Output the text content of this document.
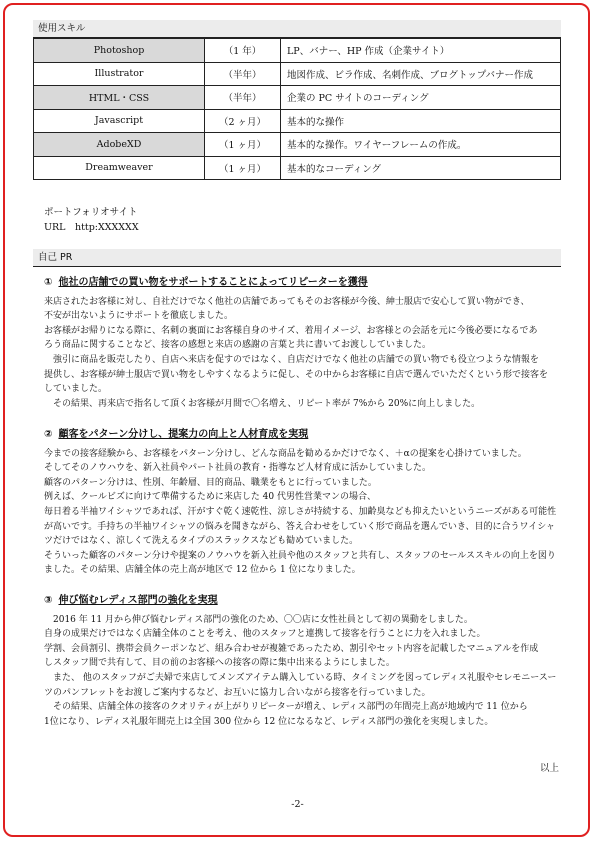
使用スキル
Photoshop	（1 年）	LP、バナー、HP 作成（企業サイト）
Illustrator	（半年）	地図作成、ビラ作成、名刺作成、ブログトップバナー作成
HTML・CSS	（半年）	企業の PC サイトのコーディング
Javascript	（2 ヶ月）	基本的な操作
AdobeXD	（1 ヶ月）	基本的な操作。ワイヤーフレームの作成。
Dreamweaver	（1 ヶ月）	基本的なコーディング
ポートフォリオサイト
URL　http:XXXXXX
自己 PR
① 他社の店舗での買い物をサポートすることによってリピーターを獲得

来店されたお客様に対し、自社だけでなく他社の店舗であってもそのお客様が今後、紳士服店で安心して買い物ができ、

不安が出ないようにサポートを徹底しました。

お客様がお帰りになる際に、名刺の裏面にお客様自身のサイズ、着用イメージ、お客様との会話を元に今後必要になるであ

ろう商品に関することなど、接客の感想と来店の感謝の言葉と共に書いてお渡ししていました。

　強引に商品を販売したり、自店へ来店を促すのではなく、自店だけでなく他社の店舗での買い物でも役立つような情報を

提供し、お客様が紳士服店で買い物をしやすくなるように促し、その中からお客様に自店で選んでいただくという形で接客を

していました。

　その結果、再来店で指名して頂くお客様が月間で〇名増え、リピート率が 7%から 20%に向上しました。

② 顧客をパターン分けし、提案力の向上と人材育成を実現

今までの接客経験から、お客様をパターン分けし、どんな商品を勧めるかだけでなく、＋αの提案を心掛けていました。

そしてそのノウハウを、新入社員やパート社員の教育・指導など人材育成に活かしていました。

顧客のパターン分けは、性別、年齢層、目的商品、職業をもとに行っていました。

例えば、クールビズに向けて準備するために来店した 40 代男性営業マンの場合、

毎日着る半袖ワイシャツであれば、汗がすぐ乾く速乾性、涼しさが持続する、加齢臭なども抑えたいというニーズがある可能性

が高いです。手持ちの半袖ワイシャツの悩みを聞きながら、答え合わせをしていく形で商品を選んでいき、目的に合うワイシャ

ツだけではなく、涼しくて洗えるタイプのスラックスなども勧めていました。

そういった顧客のパターン分けや提案のノウハウを新入社員や他のスタッフと共有し、スタッフのセールススキルの向上を図り

ました。その結果、店舗全体の売上高が地区で 12 位から 1 位になりました。

③ 伸び悩むレディス部門の強化を実現

　2016 年 11 月から伸び悩むレディス部門の強化のため、〇〇店に女性社員として初の異動をしました。

自身の成果だけではなく店舗全体のことを考え、他のスタッフと連携して接客を行うことに力を入れました。

学割、会員割引、携帯会員クーポンなど、組み合わせが複雑であったため、割引やセット内容を記載したマニュアルを作成

しスタッフ間で共有して、目の前のお客様への接客の際に集中出来るようにしました。

　また、 他のスタッフがご夫婦で来店してメンズアイテム購入している時、タイミングを図ってレディス礼服やセレモニースー

ツのパンフレットをお渡しご案内するなど、お互いに協力し合いながら接客を行っていました。

　その結果、店舗全体の接客のクオリティが上がりリピーターが増え、レディス部門の年間売上高が地域内で 11 位から

1位になり、レディス礼服年間売上は全国 300 位から 12 位になるなど、レディス部門の強化を実現しました。

以上
-2-
